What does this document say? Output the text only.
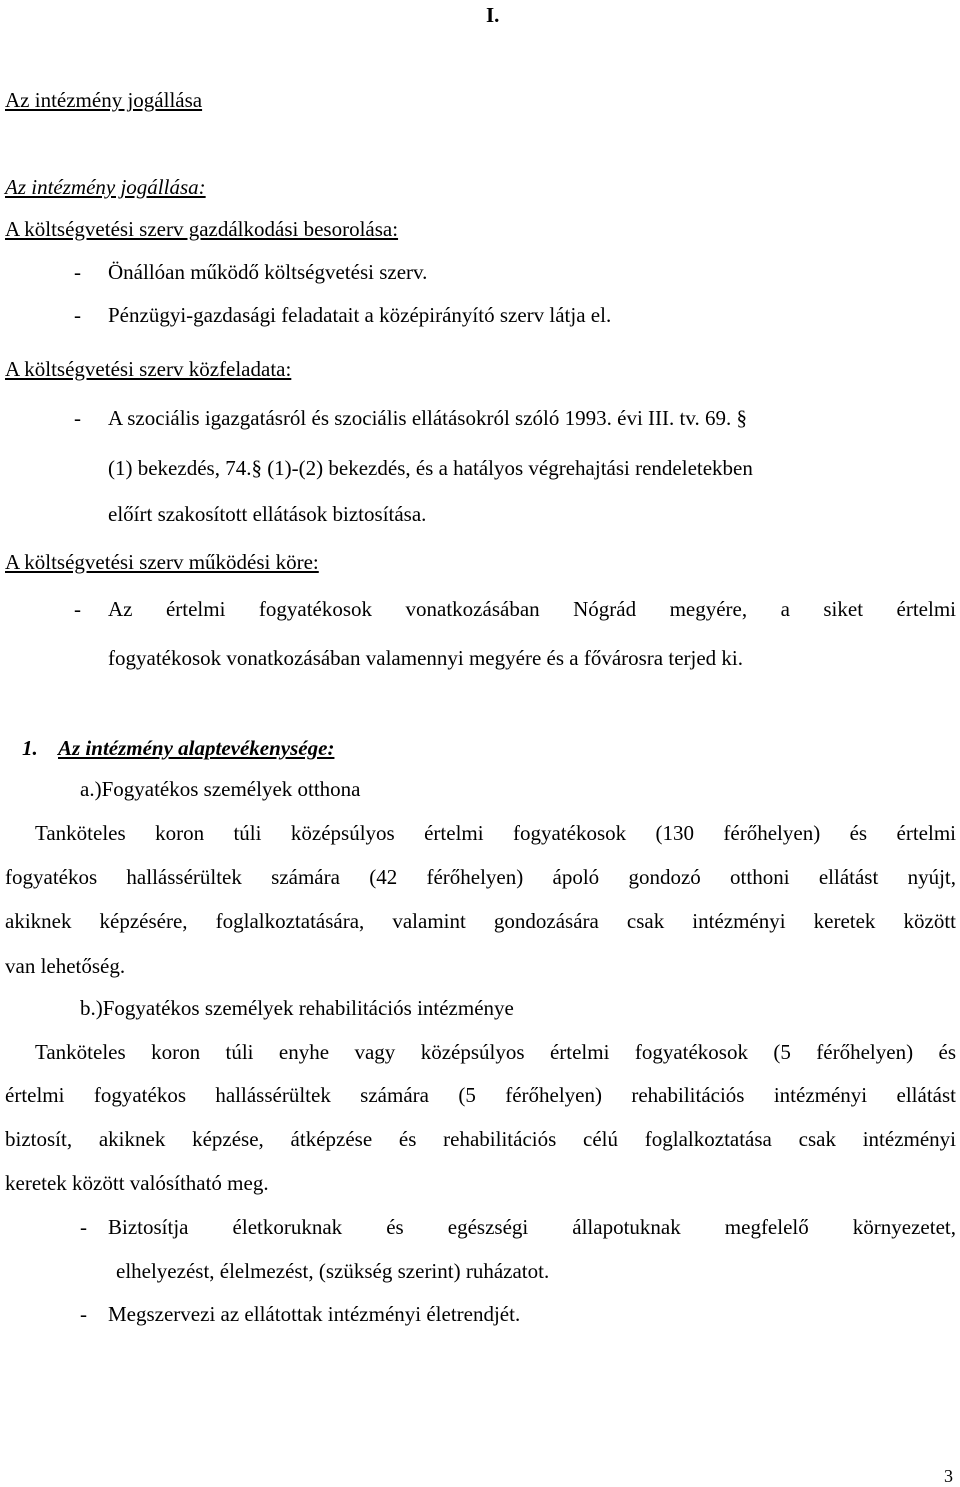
I.
Az intézmény jogállása
Az intézmény jogállása:
A költségvetési szerv gazdálkodási besorolása:
- Önállóan működő költségvetési szerv.
- Pénzügyi-gazdasági feladatait a középirányító szerv látja el.
A költségvetési szerv közfeladata:
- A szociális igazgatásról és szociális ellátásokról szóló 1993. évi III. tv. 69. §
(1) bekezdés, 74.§ (1)-(2) bekezdés, és a hatályos végrehajtási rendeletekben
előírt szakosított ellátások biztosítása.
A költségvetési szerv működési köre:
- Az értelmi fogyatékosok vonatkozásában Nógrád megyére, a siket értelmi
fogyatékosok vonatkozásában valamennyi megyére és a fővárosra terjed ki.
1. Az intézmény alaptevékenysége:
a.)Fogyatékos személyek otthona
Tanköteles koron túli középsúlyos értelmi fogyatékosok (130 férőhelyen) és értelmi
fogyatékos hallássérültek számára (42 férőhelyen) ápoló gondozó otthoni ellátást nyújt,
akiknek képzésére, foglalkoztatására, valamint gondozására csak intézményi keretek között
van lehetőség.
b.)Fogyatékos személyek rehabilitációs intézménye
Tanköteles koron túli enyhe vagy középsúlyos értelmi fogyatékosok (5 férőhelyen) és
értelmi fogyatékos hallássérültek számára (5 férőhelyen) rehabilitációs intézményi ellátást
biztosít, akiknek képzése, átképzése és rehabilitációs célú foglalkoztatása csak intézményi
keretek között valósítható meg.
- Biztosítja életkoruknak és egészségi állapotuknak megfelelő környezetet,
elhelyezést, élelmezést, (szükség szerint) ruházatot.
- Megszervezi az ellátottak intézményi életrendjét.
3
